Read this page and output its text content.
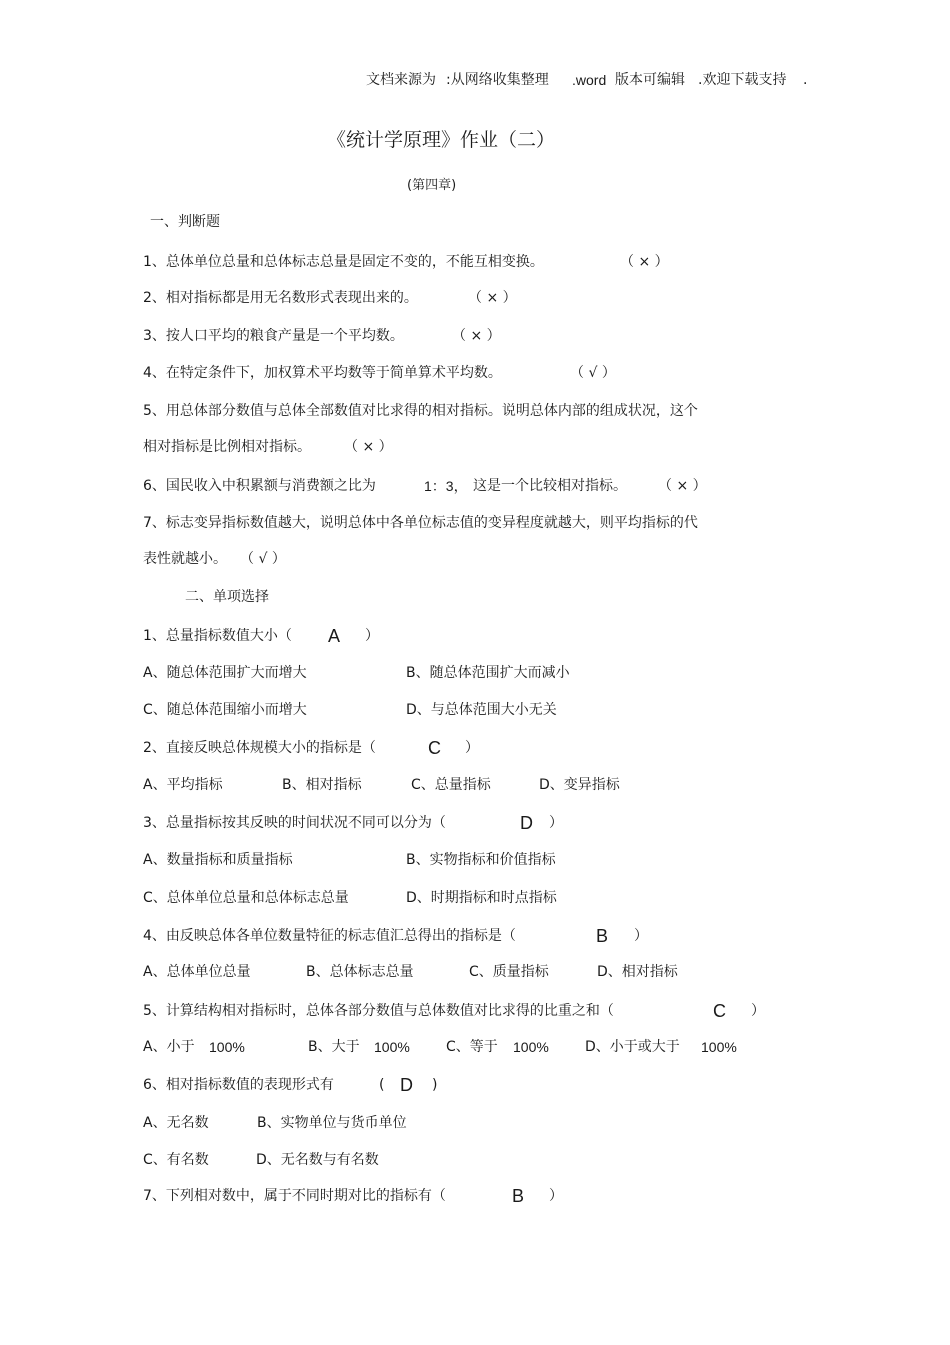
文档来源为 :从网络收集整理 .word 版本可编辑 .欢迎下载支持 .
《统计学原理》作业（二）
(第四章)
一、判断题
1、总体单位总量和总体标志总量是固定不变的，不能互相变换。	（ × ）
2、相对指标都是用无名数形式表现出来的。	（ × ）
3、按人口平均的粮食产量是一个平均数。	（ × ）
4、在特定条件下，加权算术平均数等于简单算术平均数。	（ √ ）
5、用总体部分数值与总体全部数值对比求得的相对指标。说明总体内部的组成状况，这个
相对指标是比例相对指标。 （ × ）
6、国民收入中积累额与消费额之比为	1：3， 这是一个比较相对指标。 （ × ）
7、标志变异指标数值越大，说明总体中各单位标志值的变异程度就越大，则平均指标的代
表性就越小。 （ √ ）
二、单项选择
1、总量指标数值大小（ A ）
A、随总体范围扩大而增大	B、随总体范围扩大而减小
C、随总体范围缩小而增大	D、与总体范围大小无关
2、直接反映总体规模大小的指标是（	C ）
A、平均指标	B、相对指标	C、总量指标	D、变异指标
3、总量指标按其反映的时间状况不同可以分为（	D ）
A、数量指标和质量指标	B、实物指标和价值指标
C、总体单位总量和总体标志总量	D、时期指标和时点指标
4、由反映总体各单位数量特征的标志值汇总得出的指标是（	B ）
A、总体单位总量	B、总体标志总量	C、质量指标	D、相对指标
5、计算结构相对指标时，总体各部分数值与总体数值对比求得的比重之和（	C ）
A、小于 100%	B、大于 100%	C、等于 100%	D、小于或大于 100%
6、相对指标数值的表现形式有	( D )
A、无名数	B、实物单位与货币单位
C、有名数	D、无名数与有名数
7、下列相对数中，属于不同时期对比的指标有（	B ）
